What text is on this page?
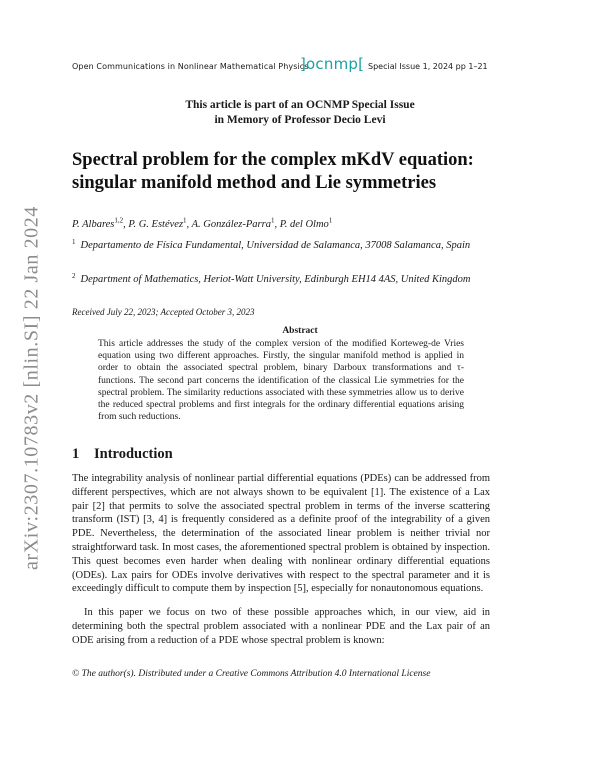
arXiv:2307.10783v2 [nlin.SI] 22 Jan 2024
Open Communications in Nonlinear Mathematical Physics
]ocnmp[ Special Issue 1, 2024 pp 1–21
This article is part of an OCNMP Special Issue
in Memory of Professor Decio Levi
Spectral problem for the complex mKdV equation: singular manifold method and Lie symmetries
P. Albares$^{1,2}$, P. G. Estévez$^1$, A. González-Parra$^1$, P. del Olmo$^1$
$^1$ Departamento de Física Fundamental, Universidad de Salamanca, 37008 Salamanca, Spain
$^2$ Department of Mathematics, Heriot-Watt University, Edinburgh EH14 4AS, United Kingdom
Received July 22, 2023; Accepted October 3, 2023
Abstract
This article addresses the study of the complex version of the modified Korteweg-de Vries equation using two different approaches. Firstly, the singular manifold method is applied in order to obtain the associated spectral problem, binary Darboux transformations and τ-functions. The second part concerns the identification of the classical Lie symmetries for the spectral problem. The similarity reductions associated with these symmetries allow us to derive the reduced spectral problems and first integrals for the ordinary differential equations arising from such reductions.
1 Introduction
The integrability analysis of nonlinear partial differential equations (PDEs) can be addressed from different perspectives, which are not always shown to be equivalent [1]. The existence of a Lax pair [2] that permits to solve the associated spectral problem in terms of the inverse scattering transform (IST) [3, 4] is frequently considered as a definite proof of the integrability of a given PDE. Nevertheless, the determination of the associated linear problem is neither trivial nor straightforward task. In most cases, the aforementioned spectral problem is obtained by inspection. This quest becomes even harder when dealing with nonlinear ordinary differential equations (ODEs). Lax pairs for ODEs involve derivatives with respect to the spectral parameter and it is exceedingly difficult to compute them by inspection [5], especially for nonautonomous equations.
In this paper we focus on two of these possible approaches which, in our view, aid in determining both the spectral problem associated with a nonlinear PDE and the Lax pair of an ODE arising from a reduction of a PDE whose spectral problem is known:
© The author(s). Distributed under a Creative Commons Attribution 4.0 International License
